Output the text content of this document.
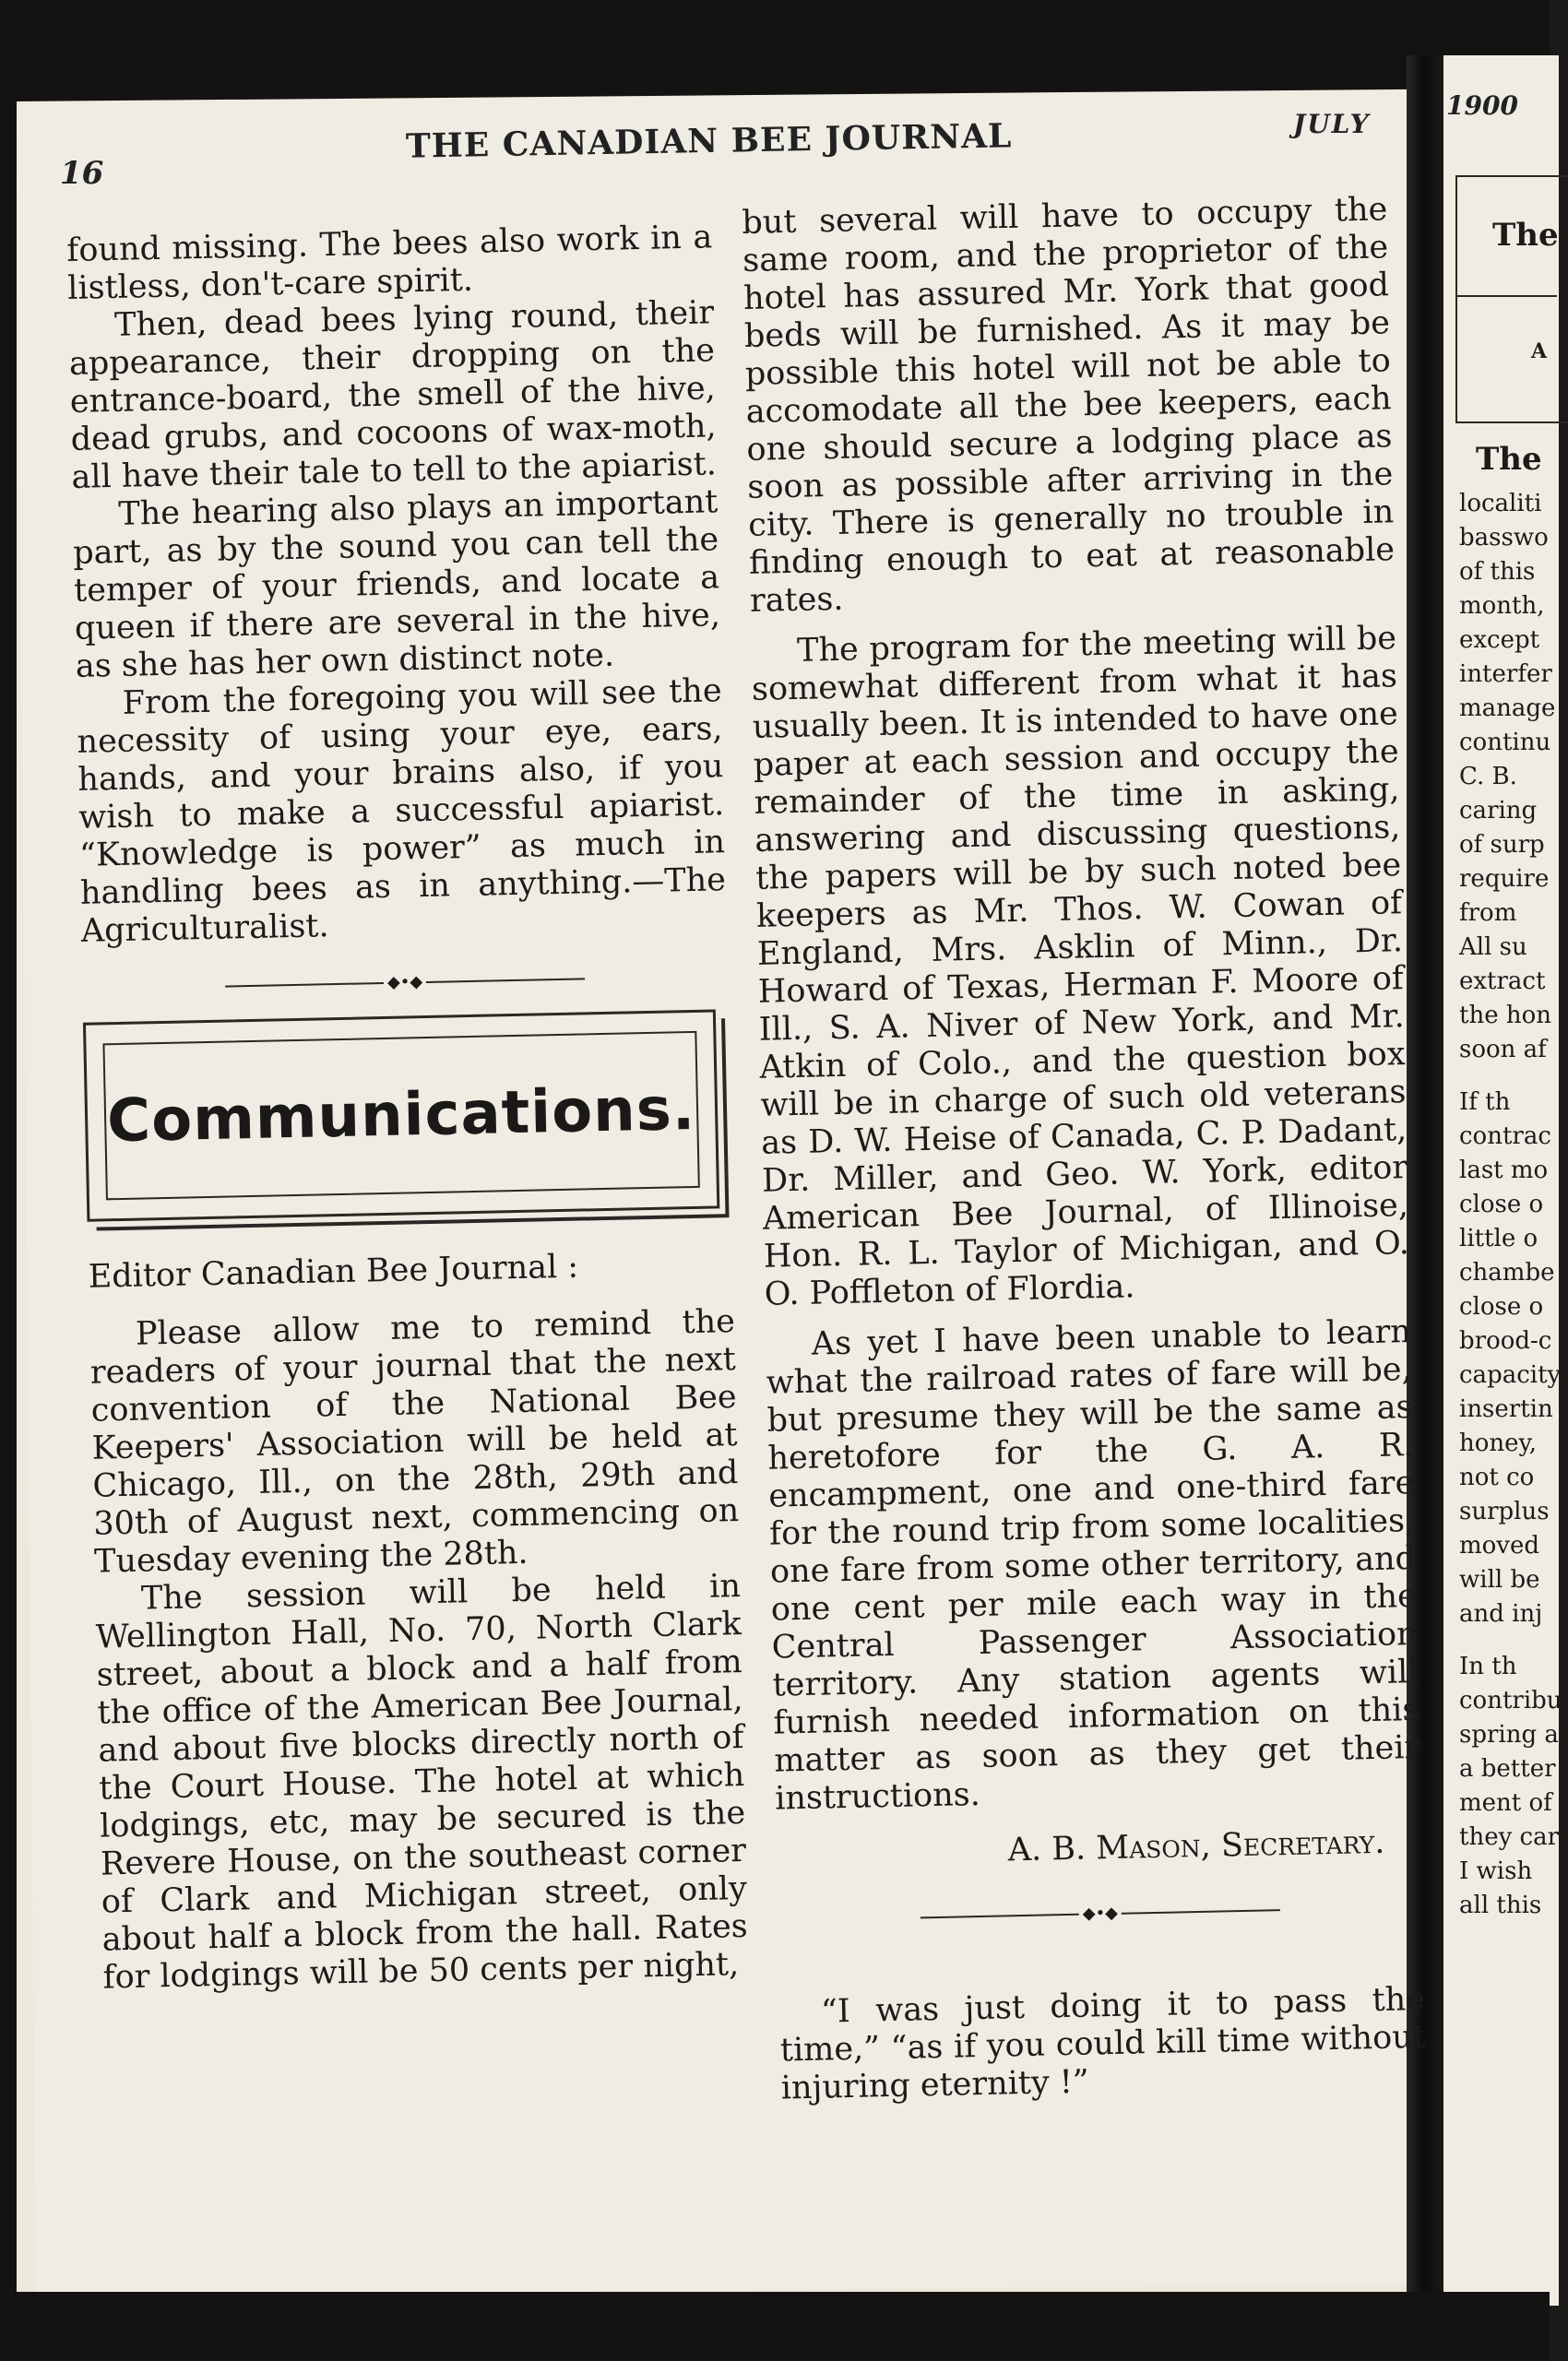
16
THE CANADIAN BEE JOURNAL	JULY
1900

found missing. The bees also work in a listless, don't-care spirit.

Then, dead bees lying round, their appearance, their dropping on the entrance-board, the smell of the hive, dead grubs, and cocoons of wax-moth, all have their tale to tell to the apiarist.

The hearing also plays an important part, as by the sound you can tell the temper of your friends, and locate a queen if there are several in the hive, as she has her own distinct note.

From the foregoing you will see the necessity of using your eye, ears, hands, and your brains also, if you wish to make a successful apiarist. “Knowledge is power” as much in handling bees as in anything.—The Agriculturalist.

◆•◆
Communications.

Editor Canadian Bee Journal :

Please allow me to remind the readers of your journal that the next convention of the National Bee Keepers' Association will be held at Chicago, Ill., on the 28th, 29th and 30th of August next, commencing on Tuesday evening the 28th.

The session will be held in Wellington Hall, No. 70, North Clark street, about a block and a half from the office of the American Bee Journal, and about five blocks directly north of the Court House. The hotel at which lodgings, etc, may be secured is the Revere House, on the southeast corner of Clark and Michigan street, only about half a block from the hall. Rates for lodgings will be 50 cents per night,

but several will have to occupy the same room, and the proprietor of the hotel has assured Mr. York that good beds will be furnished. As it may be possible this hotel will not be able to accomodate all the bee keepers, each one should secure a lodging place as soon as possible after arriving in the city. There is generally no trouble in finding enough to eat at reasonable rates.

The program for the meeting will be somewhat different from what it has usually been. It is intended to have one paper at each session and occupy the remainder of the time in asking, answering and discussing questions, the papers will be by such noted bee keepers as Mr. Thos. W. Cowan of England, Mrs. Asklin of Minn., Dr. Howard of Texas, Herman F. Moore of Ill., S. A. Niver of New York, and Mr. Atkin of Colo., and the question box will be in charge of such old veterans as D. W. Heise of Canada, C. P. Dadant, Dr. Miller, and Geo. W. York, editor American Bee Journal, of Illinoise, Hon. R. L. Taylor of Michigan, and O. O. Poffleton of Flordia.

As yet I have been unable to learn what the railroad rates of fare will be, but presume they will be the same as heretofore for the G. A. R. encampment, one and one-third fare for the round trip from some localities, one fare from some other territory, and one cent per mile each way in the Central Passenger Association territory. Any station agents will furnish needed information on this matter as soon as they get their instructions.

A. B. Mason, Secretary.

◆•◆

“I was just doing it to pass the time,” “as if you could kill time without injuring eternity !”

The
A
The
localiti
basswo
of this
month,
except
interfer
manage
continu
C. B.
caring
of surp
require
from
All su
extract
the hon
soon af
If th
contrac
last mo
close o
little o
chambe
close o
brood-c
capacity
insertin
honey,
not co
surplus
moved
will be
and inj
In th
contribu
spring a
a better
ment of
they car
I wish
all this
